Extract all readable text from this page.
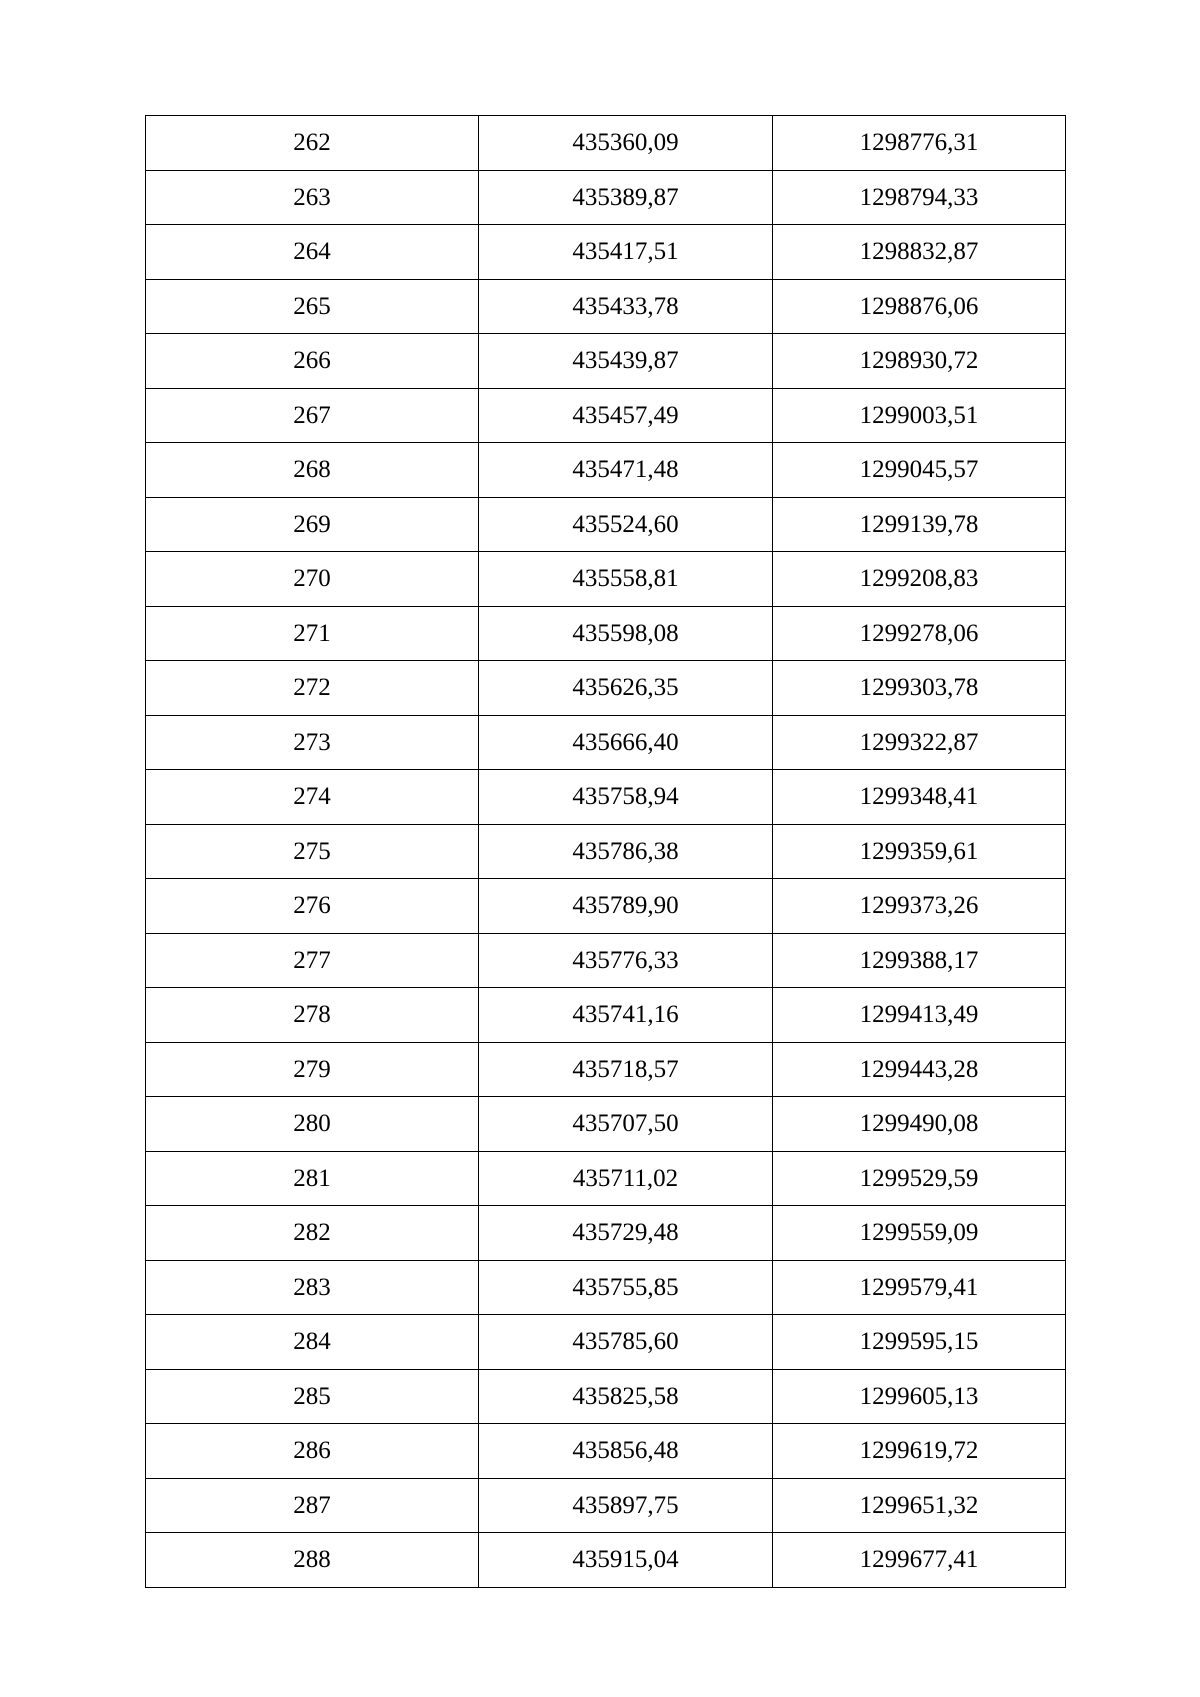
262	435360,09	1298776,31
263	435389,87	1298794,33
264	435417,51	1298832,87
265	435433,78	1298876,06
266	435439,87	1298930,72
267	435457,49	1299003,51
268	435471,48	1299045,57
269	435524,60	1299139,78
270	435558,81	1299208,83
271	435598,08	1299278,06
272	435626,35	1299303,78
273	435666,40	1299322,87
274	435758,94	1299348,41
275	435786,38	1299359,61
276	435789,90	1299373,26
277	435776,33	1299388,17
278	435741,16	1299413,49
279	435718,57	1299443,28
280	435707,50	1299490,08
281	435711,02	1299529,59
282	435729,48	1299559,09
283	435755,85	1299579,41
284	435785,60	1299595,15
285	435825,58	1299605,13
286	435856,48	1299619,72
287	435897,75	1299651,32
288	435915,04	1299677,41
